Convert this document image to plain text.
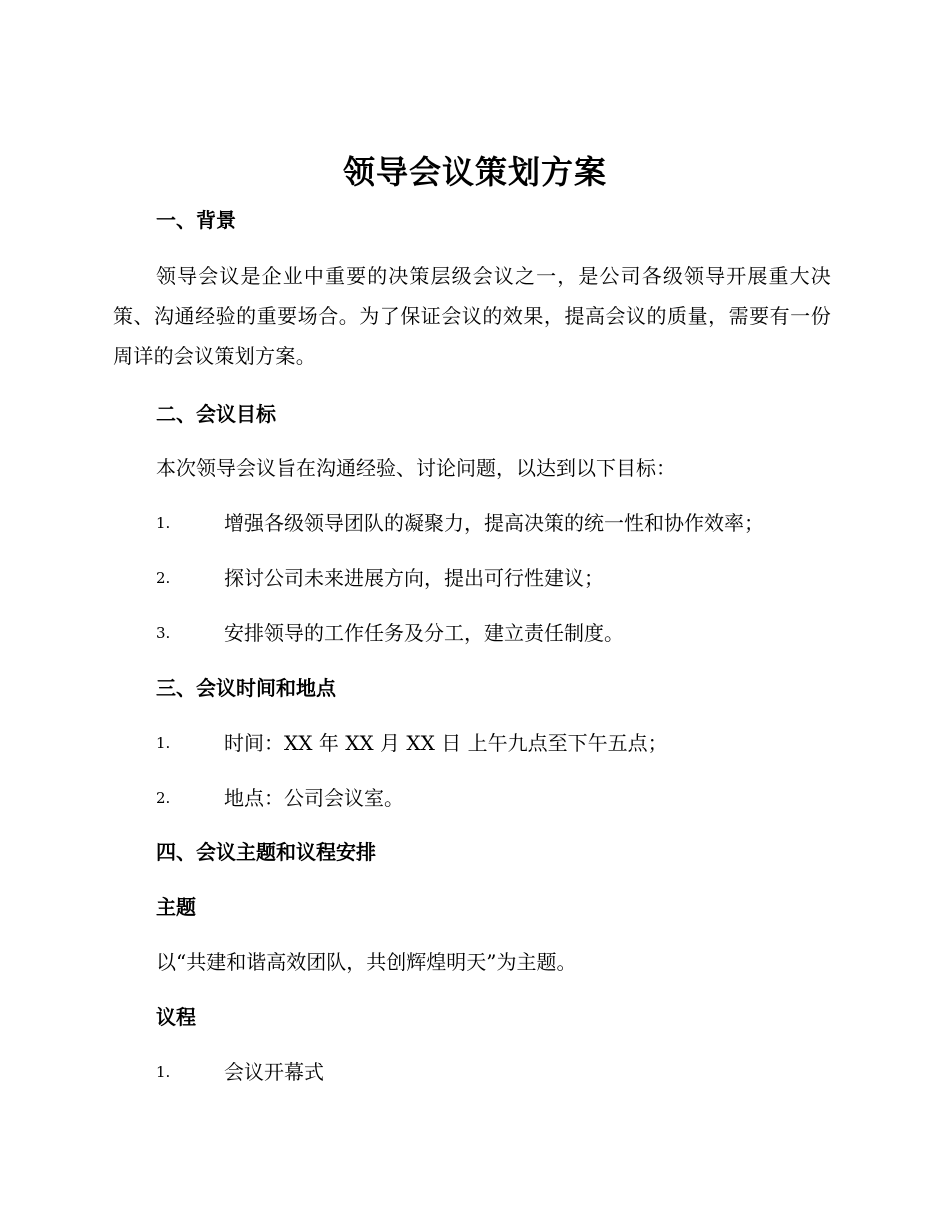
领导会议策划方案
一、背景
领导会议是企业中重要的决策层级会议之一，是公司各级领导开展重大决策、沟通经验的重要场合。为了保证会议的效果，提高会议的质量，需要有一份周详的会议策划方案。
二、会议目标
本次领导会议旨在沟通经验、讨论问题，以达到以下目标：
1.	增强各级领导团队的凝聚力，提高决策的统一性和协作效率；
2.	探讨公司未来进展方向，提出可行性建议；
3.	安排领导的工作任务及分工，建立责任制度。
三、会议时间和地点
1.	时间：XX 年 XX 月 XX 日 上午九点至下午五点；
2.	地点：公司会议室。
四、会议主题和议程安排
主题
以“共建和谐高效团队，共创辉煌明天”为主题。
议程
1.	会议开幕式
